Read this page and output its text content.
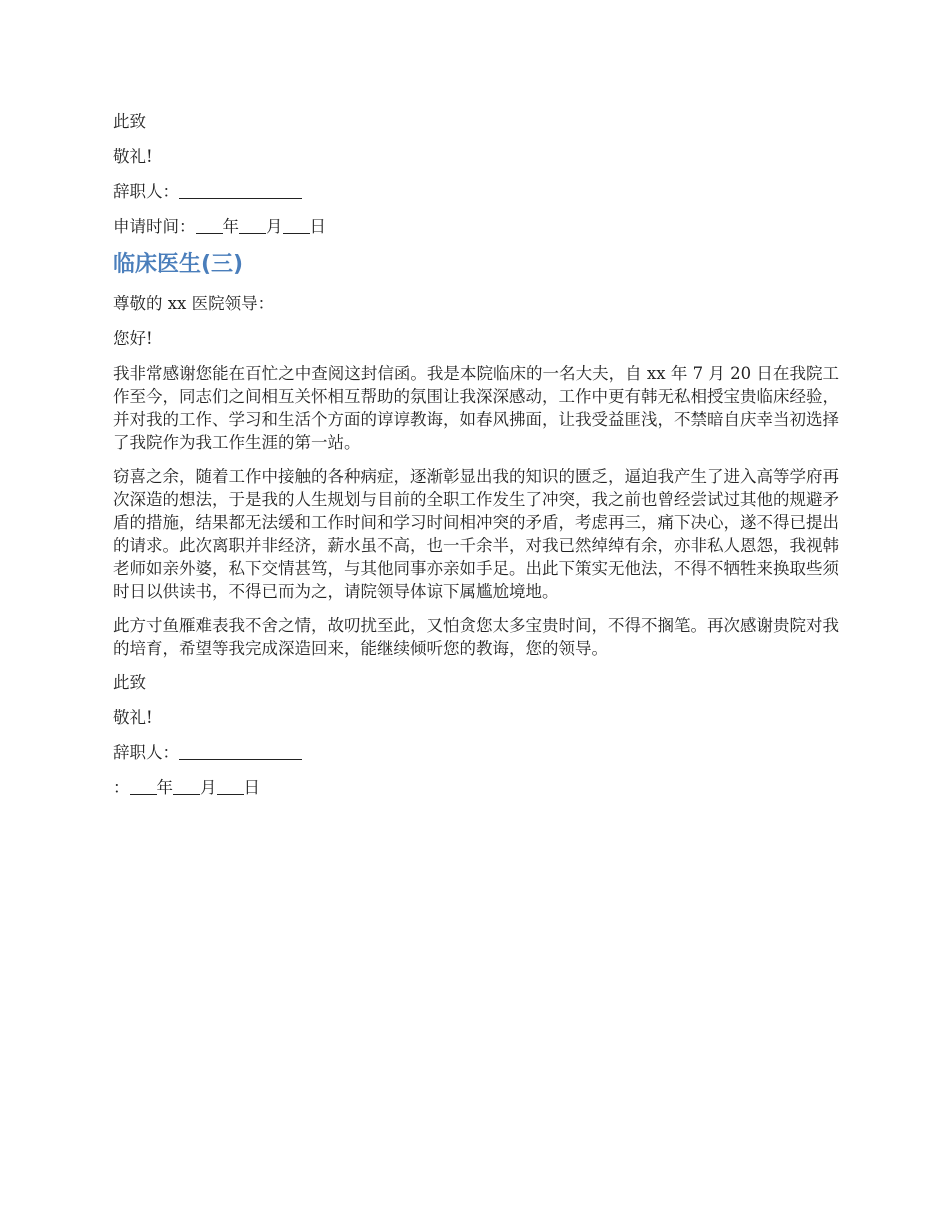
此致
敬礼!
辞职人：
申请时间： 年 月 日
临床医生(三)
尊敬的 xx 医院领导：
您好!
我非常感谢您能在百忙之中查阅这封信函。我是本院临床的一名大夫，自 xx 年 7 月 20 日在我院工作至今，同志们之间相互关怀相互帮助的氛围让我深深感动，工作中更有韩无私相授宝贵临床经验，并对我的工作、学习和生活个方面的谆谆教诲，如春风拂面，让我受益匪浅，不禁暗自庆幸当初选择了我院作为我工作生涯的第一站。
窃喜之余，随着工作中接触的各种病症，逐渐彰显出我的知识的匮乏，逼迫我产生了进入高等学府再次深造的想法，于是我的人生规划与目前的全职工作发生了冲突，我之前也曾经尝试过其他的规避矛盾的措施，结果都无法缓和工作时间和学习时间相冲突的矛盾，考虑再三，痛下决心，遂不得已提出的请求。此次离职并非经济，薪水虽不高，也一千余半，对我已然绰绰有余，亦非私人恩怨，我视韩老师如亲外婆，私下交情甚笃，与其他同事亦亲如手足。出此下策实无他法，不得不牺牲来换取些须时日以供读书，不得已而为之，请院领导体谅下属尴尬境地。
此方寸鱼雁难表我不舍之情，故叨扰至此，又怕贪您太多宝贵时间，不得不搁笔。再次感谢贵院对我的培育，希望等我完成深造回来，能继续倾听您的教诲，您的领导。
此致
敬礼!
辞职人：
： 年 月 日
